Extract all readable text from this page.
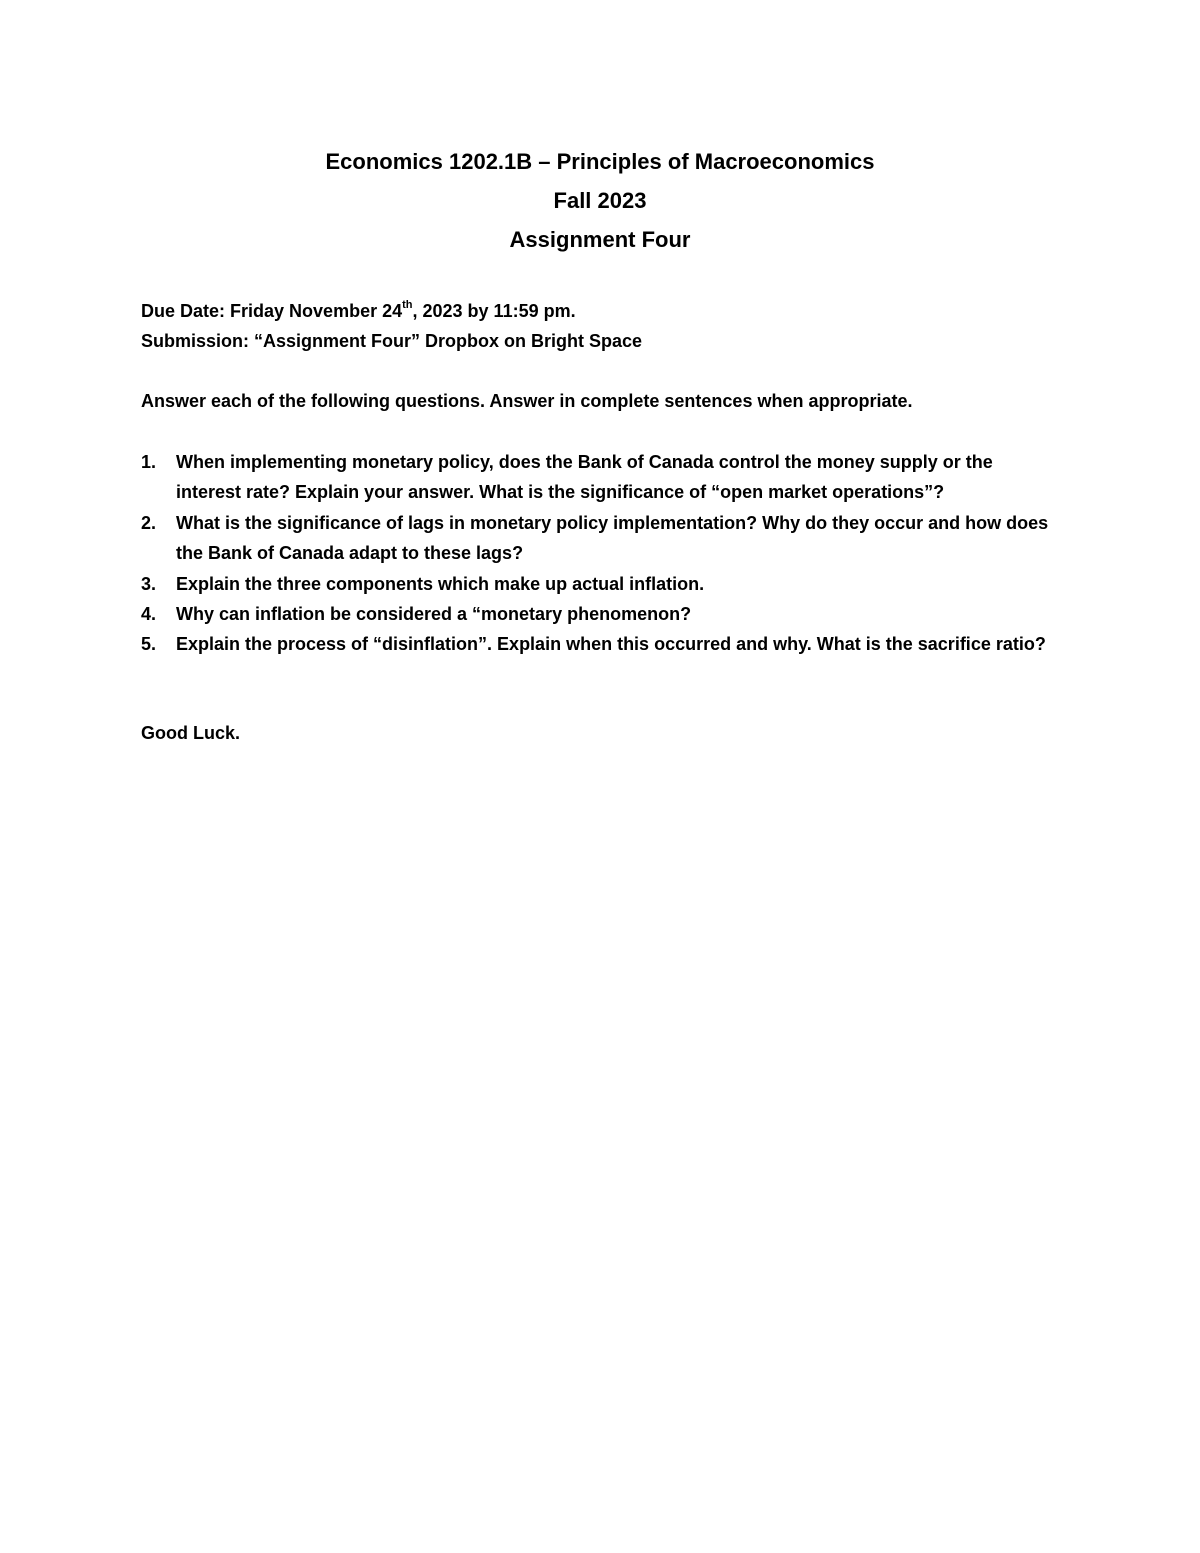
Economics 1202.1B – Principles of Macroeconomics
Fall 2023
Assignment Four
Due Date: Friday November 24th, 2023 by 11:59 pm.
Submission: “Assignment Four” Dropbox on Bright Space
Answer each of the following questions. Answer in complete sentences when appropriate.
1. When implementing monetary policy, does the Bank of Canada control the money supply or the interest rate? Explain your answer. What is the significance of “open market operations”?
2. What is the significance of lags in monetary policy implementation? Why do they occur and how does the Bank of Canada adapt to these lags?
3. Explain the three components which make up actual inflation.
4. Why can inflation be considered a “monetary phenomenon?
5. Explain the process of “disinflation”. Explain when this occurred and why. What is the sacrifice ratio?
Good Luck.
